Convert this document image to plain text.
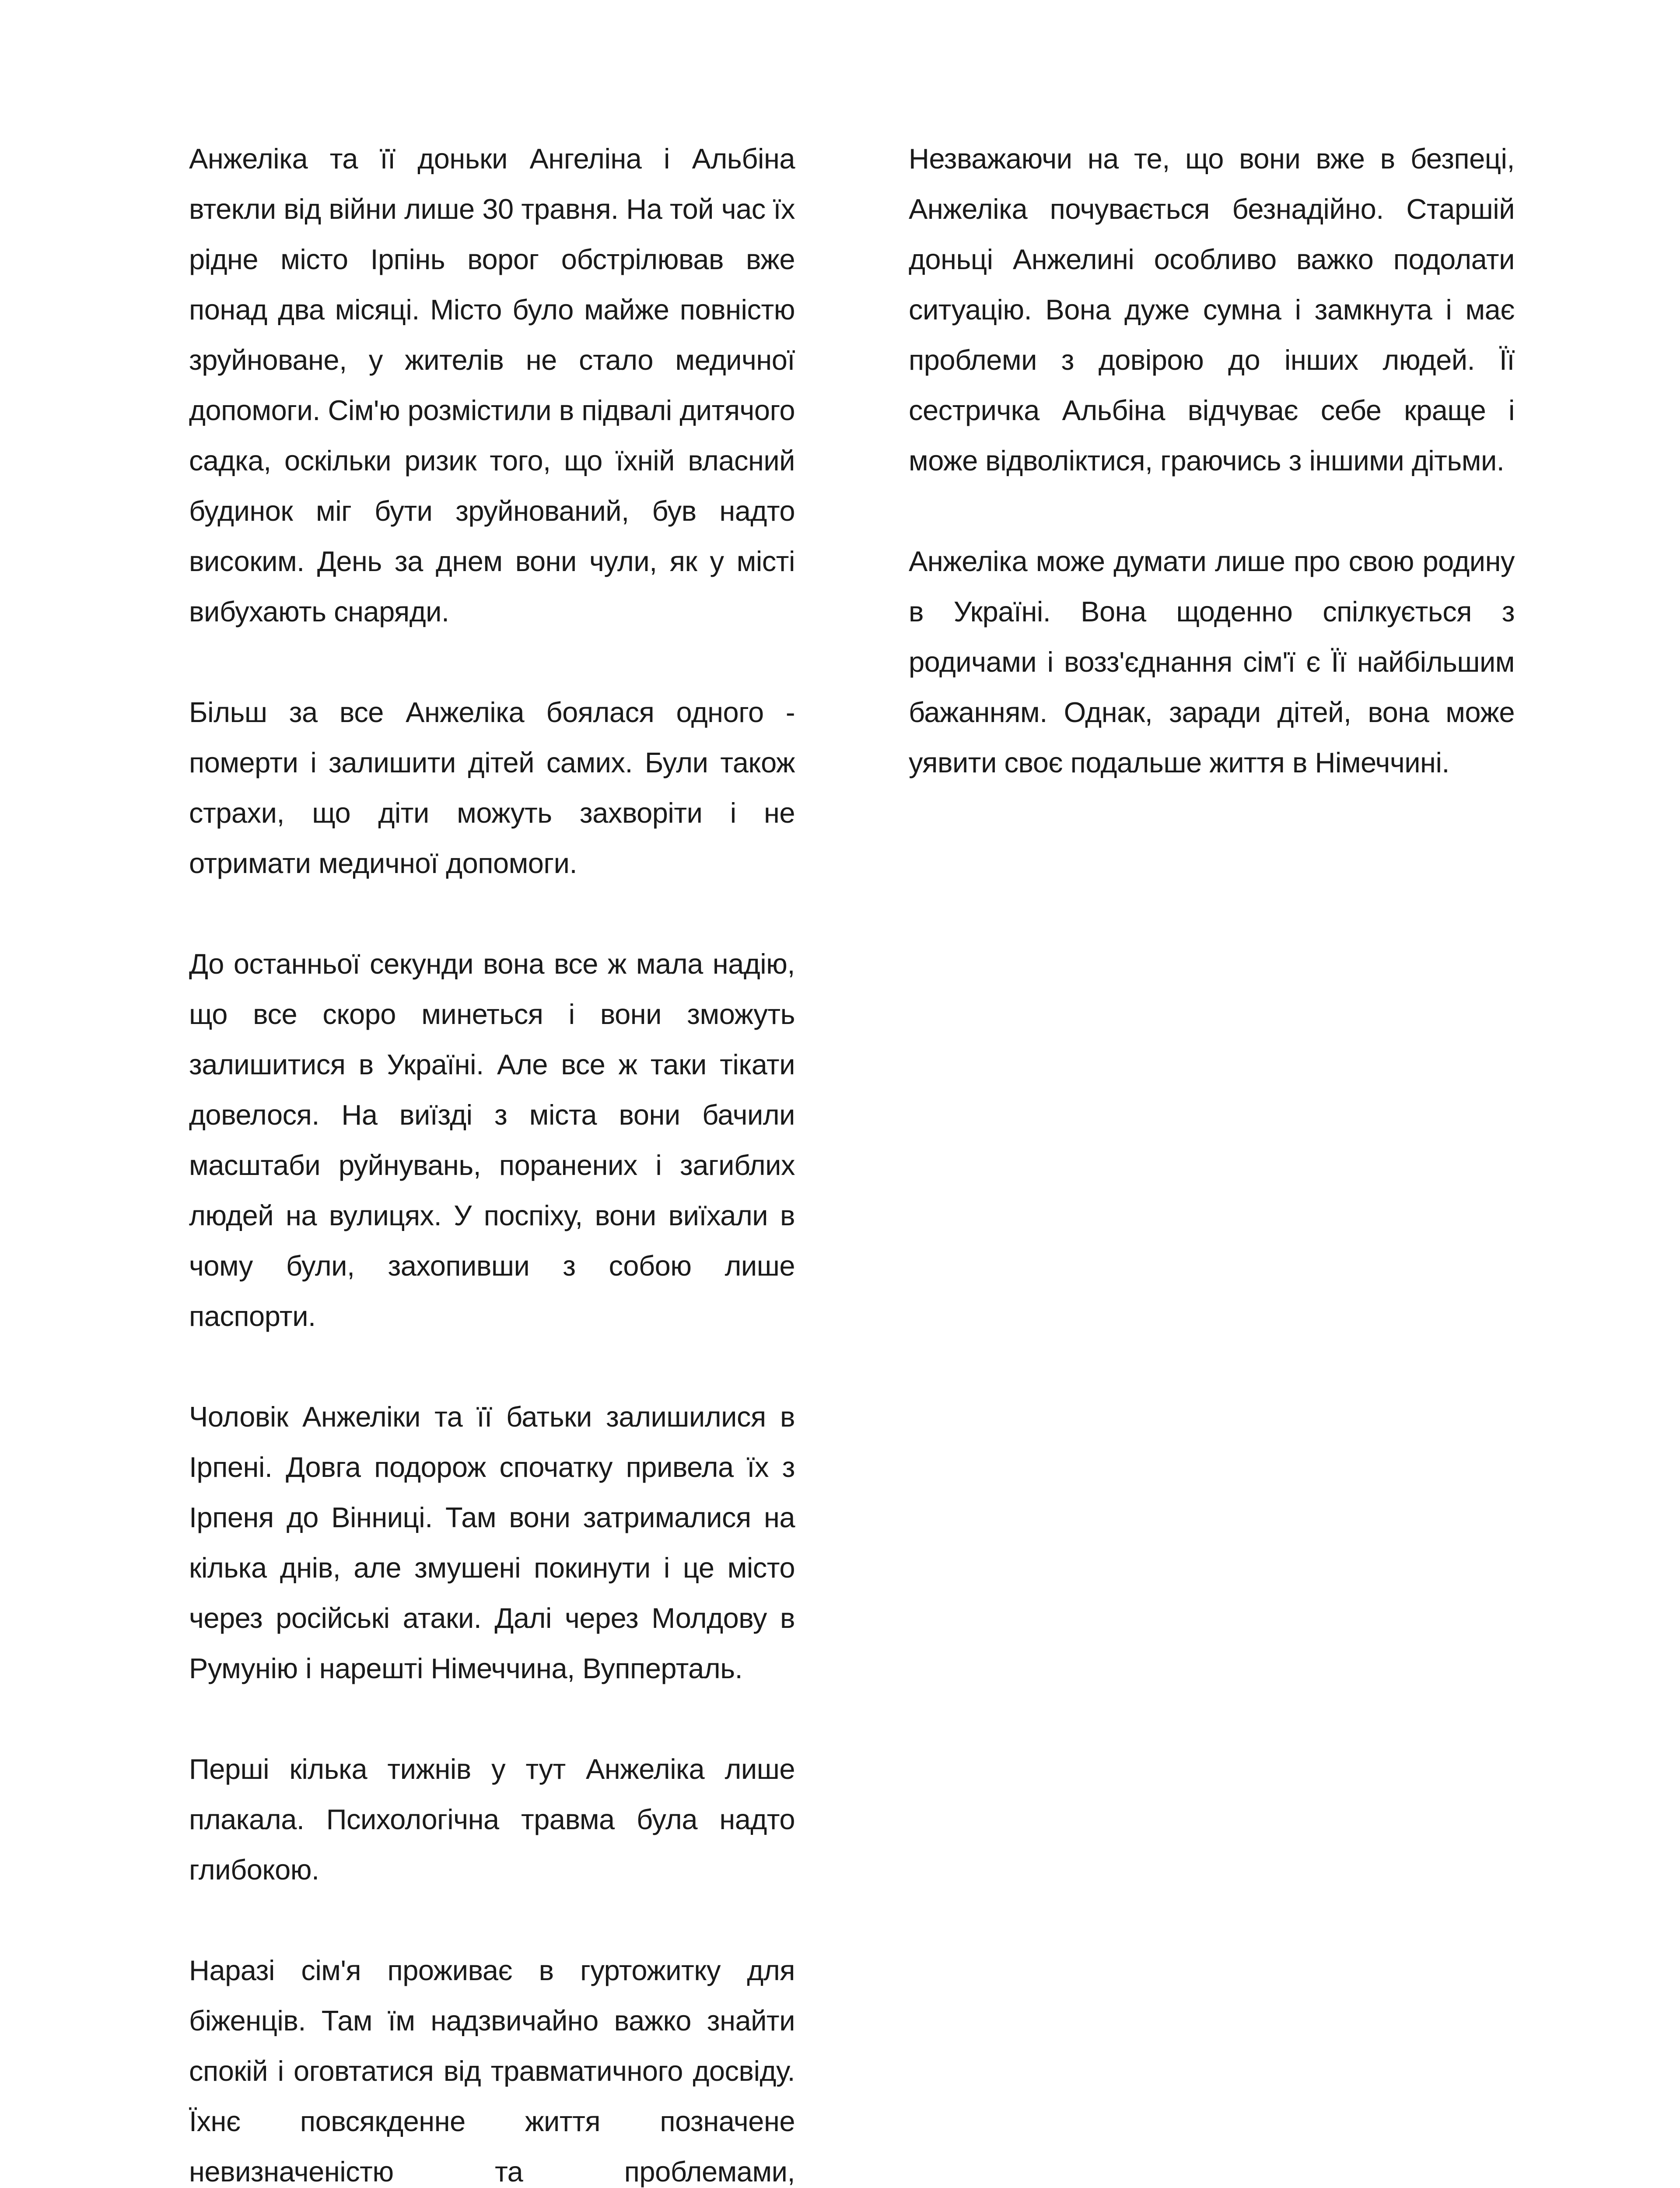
Анжеліка та її доньки Ангеліна і Альбіна втекли від війни лише 30 травня. На той час їх рідне місто Ірпінь ворог обстрілював вже понад два місяці. Місто було майже повністю зруйноване, у жителів не стало медичної допомоги. Сім'ю розмістили в підвалі дитячого садка, оскільки ризик того, що їхній власний будинок міг бути зруйнований, був надто високим. День за днем вони чули, як у місті вибухають снаряди.

Більш за все Анжеліка боялася одного - померти і залишити дітей самих. Були також страхи, що діти можуть захворіти і не отримати медичної допомоги.

До останньої секунди вона все ж мала надію, що все скоро минеться і вони зможуть залишитися в Україні. Але все ж таки тікати довелося. На виїзді з міста вони бачили масштаби руйнувань, поранених і загиблих людей на вулицях. У поспіху, вони виїхали в чому були, захопивши з собою лише паспорти.

Чоловік Анжеліки та її батьки залишилися в Ірпені. Довга подорож спочатку привела їх з Ірпеня до Вінниці. Там вони затрималися на кілька днів, але змушені покинути і це місто через російські атаки. Далі через Молдову в Румунію і нарешті Німеччина, Вупперталь.

Перші кілька тижнів у тут Анжеліка лише плакала. Психологічна травма була надто глибокою.

Наразі сім'я проживає в гуртожитку для біженців. Там їм надзвичайно важко знайти спокій і оговтатися від травматичного досвіду. Їхнє повсякденне життя позначене невизначеністю та проблемами,

Незважаючи на те, що вони вже в безпеці, Анжеліка почувається безнадійно. Старшій доньці Анжелині особливо важко подолати ситуацію. Вона дуже сумна і замкнута і має проблеми з довірою до інших людей. Її сестричка Альбіна відчуває себе краще і може відволіктися, граючись з іншими дітьми.

Анжеліка може думати лише про свою родину в Україні. Вона щоденно спілкується з родичами і возз'єднання сім'ї є Її найбільшим бажанням. Однак, заради дітей, вона може уявити своє подальше життя в Німеччині.
